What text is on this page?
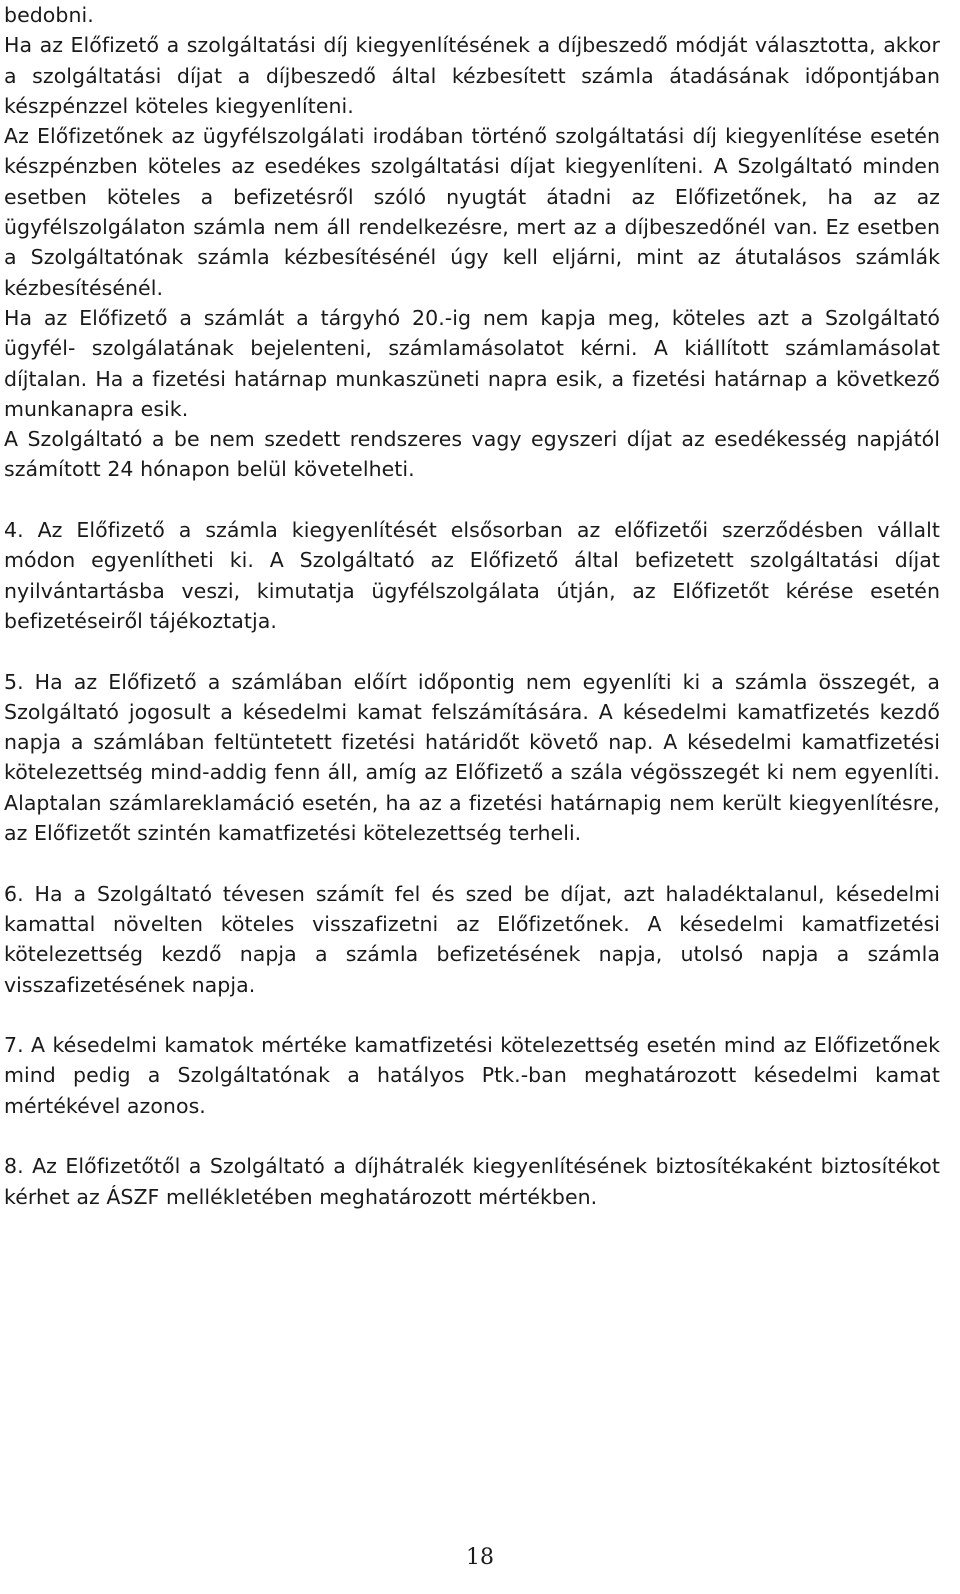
bedobni.

Ha az Előfizető a szolgáltatási díj kiegyenlítésének a díjbeszedő módját választotta, akkor a szolgáltatási díjat a díjbeszedő által kézbesített számla átadásának időpontjában készpénzzel köteles kiegyenlíteni.

Az Előfizetőnek az ügyfélszolgálati irodában történő szolgáltatási díj kiegyenlítése esetén készpénzben köteles az esedékes szolgáltatási díjat kiegyenlíteni. A Szolgáltató minden esetben köteles a befizetésről szóló nyugtát átadni az Előfizetőnek, ha az az ügyfélszolgálaton számla nem áll rendelkezésre, mert az a díjbeszedőnél van. Ez esetben a Szolgáltatónak számla kézbesítésénél úgy kell eljárni, mint az átutalásos számlák kézbesítésénél.

Ha az Előfizető a számlát a tárgyhó 20.-ig nem kapja meg, köteles azt a Szolgáltató ügyfél- szolgálatának bejelenteni, számlamásolatot kérni. A kiállított számlamásolat díjtalan. Ha a fizetési határnap munkaszüneti napra esik, a fizetési határnap a következő munkanapra esik.

A Szolgáltató a be nem szedett rendszeres vagy egyszeri díjat az esedékesség napjától számított 24 hónapon belül követelheti.

4. Az Előfizető a számla kiegyenlítését elsősorban az előfizetői szerződésben vállalt módon egyenlítheti ki. A Szolgáltató az Előfizető által befizetett szolgáltatási díjat nyilvántartásba veszi, kimutatja ügyfélszolgálata útján, az Előfizetőt kérése esetén befizetéseiről tájékoztatja.

5. Ha az Előfizető a számlában előírt időpontig nem egyenlíti ki a számla összegét, a Szolgáltató jogosult a késedelmi kamat felszámítására. A késedelmi kamatfizetés kezdő napja a számlában feltüntetett fizetési határidőt követő nap. A késedelmi kamatfizetési kötelezettség mind-addig fenn áll, amíg az Előfizető a szála végösszegét ki nem egyenlíti. Alaptalan számlareklamáció esetén, ha az a fizetési határnapig nem került kiegyenlítésre, az Előfizetőt szintén kamatfizetési kötelezettség terheli.

6. Ha a Szolgáltató tévesen számít fel és szed be díjat, azt haladéktalanul, késedelmi kamattal növelten köteles visszafizetni az Előfizetőnek. A késedelmi kamatfizetési kötelezettség kezdő napja a számla befizetésének napja, utolsó napja a számla visszafizetésének napja.

7. A késedelmi kamatok mértéke kamatfizetési kötelezettség esetén mind az Előfizetőnek mind pedig a Szolgáltatónak a hatályos Ptk.-ban meghatározott késedelmi kamat mértékével azonos.

8. Az Előfizetőtől a Szolgáltató a díjhátralék kiegyenlítésének biztosítékaként biztosítékot kérhet az ÁSZF mellékletében meghatározott mértékben.

18
